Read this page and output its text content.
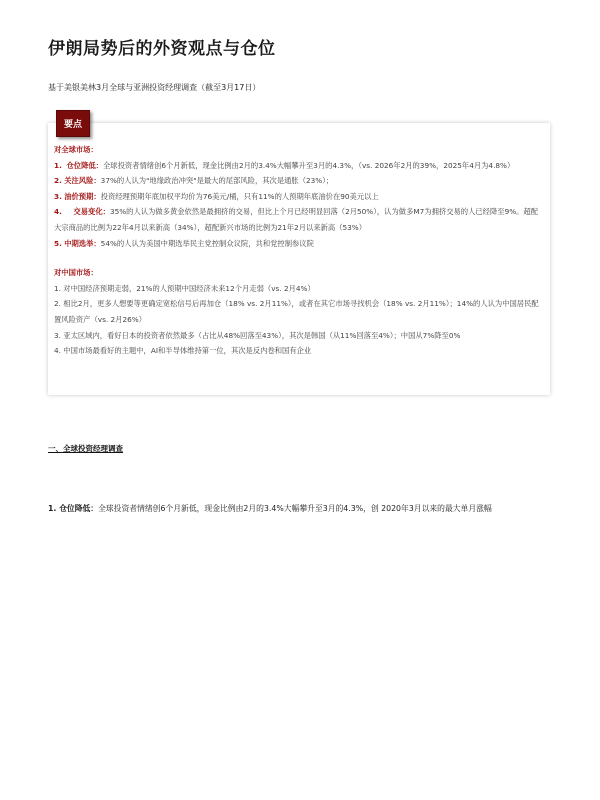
伊朗局势后的外资观点与仓位

基于美银美林3月全球与亚洲投资经理调查（截至3月17日）

要点
对全球市场：

1. 仓位降低：全球投资者情绪创6个月新低，现金比例由2月的3.4%大幅攀升至3月的4.3%，（vs. 2026年2月的39%，2025年4月为4.8%）

2. 关注风险：37%的人认为"地缘政治冲突"是最大的尾部风险，其次是通胀（23%）；

3. 油价预期：投资经理预期年底加权平均价为76美元/桶，只有11%的人预期年底油价在90美元以上

4. 交易变化：35%的人认为做多黄金依然是最拥挤的交易，但比上个月已经明显回落（2月50%），认为做多M7为拥挤交易的人已经降至9%。超配大宗商品的比例为22年4月以来新高（34%），超配新兴市场的比例为21年2月以来新高（53%）

5. 中期选举：54%的人认为美国中期选举民主党控制众议院，共和党控制参议院

对中国市场：

1. 对中国经济预期走弱，21%的人预期中国经济未来12个月走弱（vs. 2月4%）

2. 相比2月，更多人想要等更确定宽松信号后再加仓（18% vs. 2月11%），或者在其它市场寻找机会（18% vs. 2月11%）；14%的人认为中国居民配置风险资产（vs. 2月26%）

3. 亚太区域内，看好日本的投资者依然最多（占比从48%回落至43%），其次是韩国（从11%回落至4%）；中国从7%降至0%

4. 中国市场最看好的主题中，AI和半导体维持第一位，其次是反内卷和国有企业

一、全球投资经理调查

1. 仓位降低：全球投资者情绪创6个月新低，现金比例由2月的3.4%大幅攀升至3月的4.3%，创 2020年3月以来的最大单月涨幅
